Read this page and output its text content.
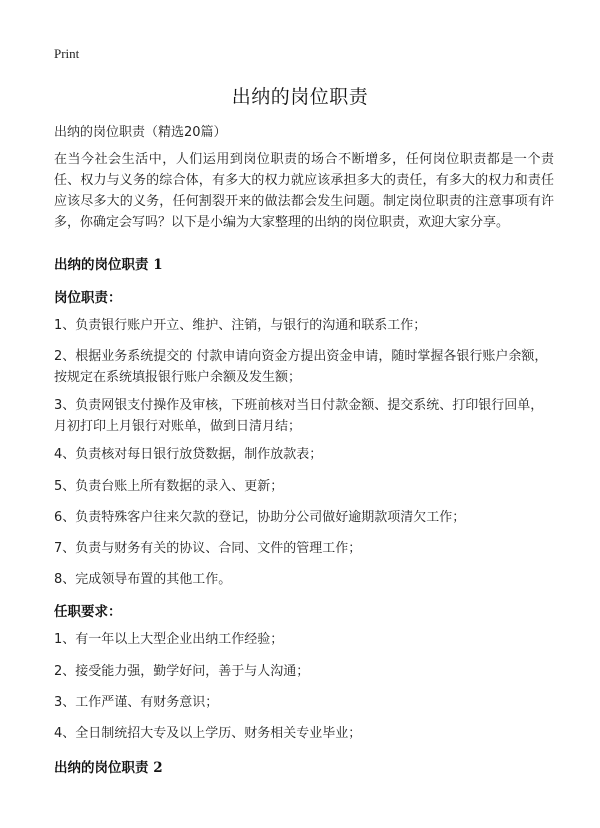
Print
出纳的岗位职责
出纳的岗位职责（精选20篇）
在当今社会生活中，人们运用到岗位职责的场合不断增多，任何岗位职责都是一个责任、权力与义务的综合体，有多大的权力就应该承担多大的责任，有多大的权力和责任应该尽多大的义务，任何割裂开来的做法都会发生问题。制定岗位职责的注意事项有许多，你确定会写吗？以下是小编为大家整理的出纳的岗位职责，欢迎大家分享。
出纳的岗位职责 1
岗位职责：
1、负责银行账户开立、维护、注销，与银行的沟通和联系工作；
2、根据业务系统提交的 付款申请向资金方提出资金申请，随时掌握各银行账户余额，按规定在系统填报银行账户余额及发生额；
3、负责网银支付操作及审核，下班前核对当日付款金额、提交系统、打印银行回单，月初打印上月银行对账单，做到日清月结；
4、负责核对每日银行放贷数据，制作放款表；
5、负责台账上所有数据的录入、更新；
6、负责特殊客户往来欠款的登记，协助分公司做好逾期款项清欠工作；
7、负责与财务有关的协议、合同、文件的管理工作；
8、完成领导布置的其他工作。
任职要求：
1、有一年以上大型企业出纳工作经验；
2、接受能力强，勤学好问，善于与人沟通；
3、工作严谨、有财务意识；
4、全日制统招大专及以上学历、财务相关专业毕业；
出纳的岗位职责 2
